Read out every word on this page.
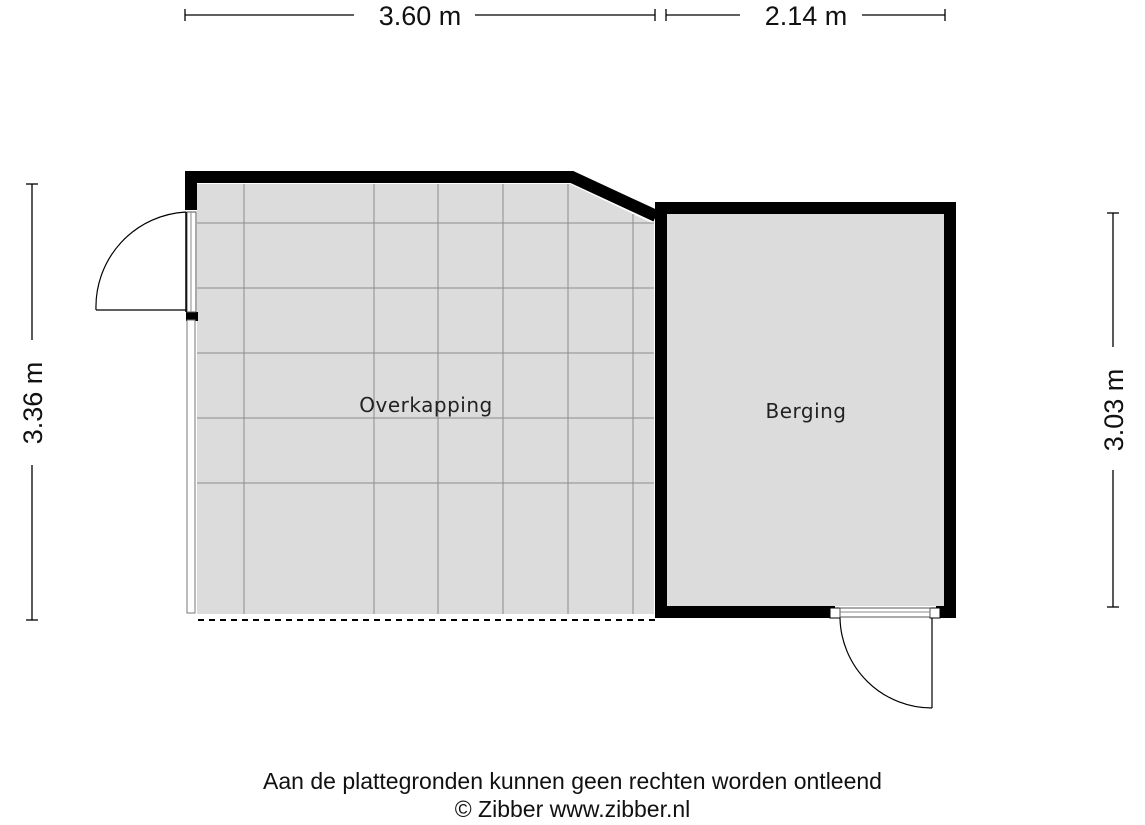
Overkapping	Berging
3.60 m	2.14 m
3.36 m	3.03 m
Aan de plattegronden kunnen geen rechten worden ontleend
© Zibber www.zibber.nl
